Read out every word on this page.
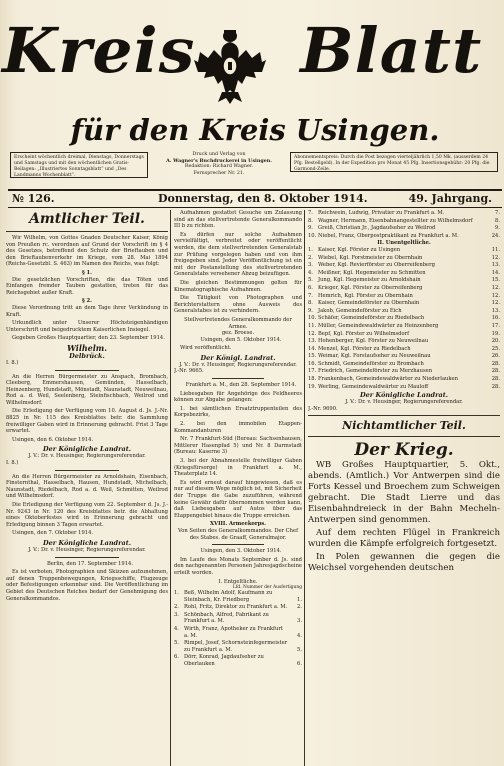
Kreis Blatt
für den Kreis Usingen.
Erscheint wöchentlich dreimal, Dienstags, Donnerstags und Samstags und mit den wöchentlichen Gratis-Beilagen: „Illustriertes Sonntagsblatt“ und „Des Landmanns Wochenblatt“.
Druck und Verlag von
A. Wagner's Buchdruckerei in Usingen.
Redaktion: Richard Wagner.
Fernsprecher Nr. 21.
Abonnementspreis: Durch die Post bezogen vierteljährlich 1,50 Mk. (ausserdem 24 Pfg. Bestellgeld). In der Expedition pro Monat 45 Pfg. Insertionsgebühr: 20 Pfg. die Garmond-Zeile.
№ 126.	Donnerstag, den 8. Oktober 1914.	49. Jahrgang.
Amtlicher Teil.

Wir Wilhelm, von Gottes Gnaden Deutscher Kaiser, König von Preußen rc. verordnen auf Grund der Vorschrift im § 4 des Gesetzes, betreffend den Schutz der Brieftauben und den Brieftaubenverkehr im Kriege, vom 28. Mai 1894 (Reichs-Gesetzbl. S. 463) im Namen des Reichs, was folgt:

§ 1.

Die gesetzlichen Vorschriften, die das Töten und Einfangen fremder Tauben gestatten, treten für das Reichsgebiet außer Kraft.

§ 2.

Diese Verordnung tritt an dem Tage ihrer Verkündung in Kraft.

Urkundlich unter Unserer Höchsteigenhändigen Unterschrift und beigedrucktem Kaiserlichen Insiegel.

Gegeben Großes Hauptquartier, den 23. September 1914.

Wilhelm.
Delbrück.
I. 8.)

An die Herren Bürgermeister zu Anspach, Brombach, Cleeberg, Emmershausen, Gemünden, Hasselbach, Heinzenberg, Hundstadt, Mönstadt, Naunstadt, Neuweilnau, Rod a. d. Weil, Seelenberg, Steinfischbach, Weilrod und Wilhelmsdorf.

Die Erledigung der Verfügung vom 10. August d. Js. J.-Nr. 8825 in Nr. 115 des Kreisblattes betr. die Sammlung freiwilliger Gaben wird in Erinnerung gebracht. Frist 3 Tage erwartet.

Usingen, den 6. Oktober 1914.

Der Königliche Landrat.
J. V.: Dr. v. Heusinger, Regierungsreferendar.
I. 8.)

An die Herren Bürgermeister zu Arnoldshain, Eisenbach, Finsternthal, Hasselbach, Hausen, Hundstadt, Michelbach, Naunstadt, Riedelbach, Rod a. d. Weil, Schmitten, Weilrod und Wilhelmsdorf.

Die Erledigung der Verfügung vom 22. September d. Js. J.-Nr. 9243 in Nr. 120 des Kreisblattes betr. die Abhaltung eines Oktoberfestes wird in Erinnerung gebracht und Erledigung binnen 3 Tagen erwartet.

Usingen, den 7. Oktober 1914.

Der Königliche Landrat.
J. V.: Dr. v. Heusinger, Regierungsreferendar.

Berlin, den 17. September 1914.

Es ist verboten, Photographien und Skizzen aufzunehmen, auf denen Truppenbewegungen, Kriegsschiffe, Flugzeuge oder Befestigungen erkennbar sind. Die Veröffentlichung im Gebiet des Deutschen Reiches bedarf der Genehmigung des Generalkommandos.

Aufnahmen gestattet Gesuche um Zulassung sind an das stellvertretende Generalkommando III b zu richten.

Es dürfen nur solche Aufnahmen vervielfältigt, verbreitet oder veröffentlicht werden, die dem stellvertretenden Generalstab zur Prüfung vorgelegen haben und von ihm freigegeben sind. Jeder Veröffentlichung ist ein mit der Postanstellung des stellvertretenden Generalstabs versehener Abzug beizufügen.

Die gleichen Bestimmungen gelten für Kinematographische Aufnahmen.

Die Tätigkeit von Photographen und Berichterstattern ohne Ausweis des Generalstabes ist zu verhindern.

Stellvertretendes Generalkommando der Armee.
gez. Broese.

Usingen, den 5. Oktober 1914.

Wird veröffentlicht.

Der Königl. Landrat.
J. V.: Dr. v. Heusinger, Regierungsreferendar.
J.-Nr. 9665.

Frankfurt a. M., den 28. September 1914.

Liebesgaben für Angehörige des Feldheeres können zur Abgabe gelangen:

1. bei sämtlichen Ersatztruppenteilen des Korpsbezirks,

2. bei den immobilen Etappen-Kommandanturen

Nr. 7 Frankfurt-Süd (Bureau: Sachsenhausen, Mittlerer Hasenpfad 5) und Nr. 8 Darmstadt (Bureau: Kaserne 3)

3. bei der Abnahmestelle freiwilliger Gaben (Kriegsfürsorge) in Frankfurt a. M., Theaterplatz 14.

Es wird erneut darauf hingewiesen, daß es nur auf diesem Wege möglich ist, mit Sicherheit der Truppe die Gabe zuzuführen, während keine Gewähr dafür übernommen werden kann, daß Liebesgaben auf Autos über das Etappengebiet hinaus die Truppe erreichen.

XVIII. Armeekorps.
Von Seiten des Generalkommandos. Der Chef des Stabes. de Graaff, Generalmajor.

Usingen, den 3. Oktober 1914.

Im Laufe des Monats September d. Js. sind den nachgenannten Personen Jahresjagdscheine erteilt worden.

I. Entgeltliche.
Lfd. Nummer der Ausfertigung
1. Beß, Wilhelm Adolf, Kaufmann zu Steinbach, Kr. Friedberg	1.
2. Rohl, Fritz, Direktor zu Frankfurt a. M. 2.
3. Schönbach, Alfred, Fabrikant zu Frankfurt a. M.	3.
4. Wirth, Franz, Apotheker zu Frankfurt a. M.	4.
5. Rimpel, Josef, Schornsteinfegermeister zu Frankfurt a. M.	5.
6. Dörr, Konrad, Jagdaufseher zu Oberlauken	6.
7. Reichwein, Ludwig, Privatier zu Frankfurt a. M.	7.
8. Wagner, Hermann, Eisenbahnangestellter zu Wilhelmsdorf	8.
9. Greiß, Christian Jr., Jagdaufseher zu Weilrod	9.
10. Niebel, Franz, Oberpostpraktikant zu Frankfurt a. M.	24.
II. Unentgeltliche.
1. Kaiser, Kgl. Förster zu Usingen	11.
2. Wiebel, Kgl. Forstmeister zu Obernhain	12.
3. Weber, Kgl. Revierförster zu Oberreifenberg	13.
4. Meißner, Kgl. Hegemeister zu Schmitten	14.
5. Jung, Kgl. Hegemeister zu Arnoldshain	15.
6. Krieger, Kgl. Förster zu Oberreifenberg	12.
7. Hemrich, Kgl. Förster zu Obernhain	12.
8. Kaiser, Gemeindeförster zu Obernhain	12.
9. Jakob, Gemeindeförster zu Eich	13.
10. Schäfer, Gemeindeförster zu Riedelbach	16.
11. Müller, Gemeindewaldwärter zu Heinzenberg	17.
12. Bepf, Kgl. Förster zu Wilhelmsdorf	19.
13. Hohenberger, Kgl. Förster zu Neuweilnau	20.
14. Menzel, Kgl. Förster zu Riedelbach	25.
15. Weimar, Kgl. Forstaufseher zu Neuweilnau	26.
16. Schmidt, Gemeindeförster zu Brombach	28.
17. Friedrich, Gemeindeförster zu Merzhausen	28.
18. Frankenbach, Gemeindewaldwärter zu Niederlauken	28.
19. Werling, Gemeindewaldwärter zu Mauloff	28.
Der Königliche Landrat.
J. V.: Dr. v. Heusinger, Regierungsreferendar.
J.-Nr. 9690.
Nichtamtlicher Teil.
Der Krieg.

WB Großes Hauptquartier, 5. Okt., abends. (Amtlich.) Vor Antwerpen sind die Forts Kessel und Broechem zum Schweigen gebracht. Die Stadt Lierre und das Eisenbahndreieck in der Bahn Mecheln-Antwerpen sind genommen.

Auf dem rechten Flügel in Frankreich wurden die Kämpfe erfolgreich fortgesetzt.

In Polen gewannen die gegen die Weichsel vorgehenden deutschen
